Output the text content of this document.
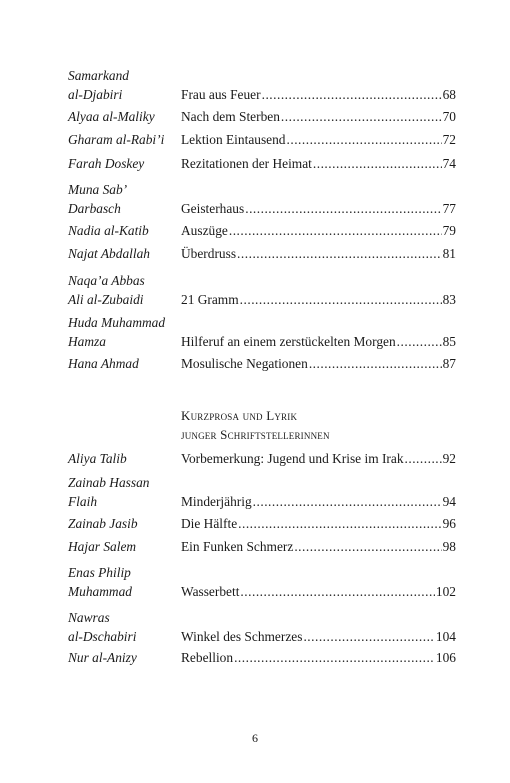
Samarkand
al-Djabiri	Frau aus Feuer .....	68
Alyaa al-Maliky	Nach dem Sterben .....	70
Gharam al-Rabi’i	Lektion Eintausend .....	72
Farah Doskey	Rezitationen der Heimat .....	74
Muna Sab’
Darbasch	Geisterhaus .....	77
Nadia al-Katib	Auszüge .....	79
Najat Abdallah	Überdruss .....	81
Naqa’a Abbas
Ali al-Zubaidi	21 Gramm .....	83
Huda Muhammad
Hamza	Hilferuf an einem zerstückelten Morgen .....	85
Hana Ahmad	Mosulische Negationen .....	87
Aliya Talib	Vorbemerkung: Jugend und Krise im Irak .....	92
Zainab Hassan
Flaih	Minderjährig .....	94
Zainab Jasib	Die Hälfte .....	96
Hajar Salem	Ein Funken Schmerz .....	98
Enas Philip
Muhammad	Wasserbett .....	102
Nawras
al-Dschabiri	Winkel des Schmerzes .....	104
Nur al-Anizy	Rebellion .....	106
Kurzprosa und Lyrik
junger Schriftstellerinnen
6
